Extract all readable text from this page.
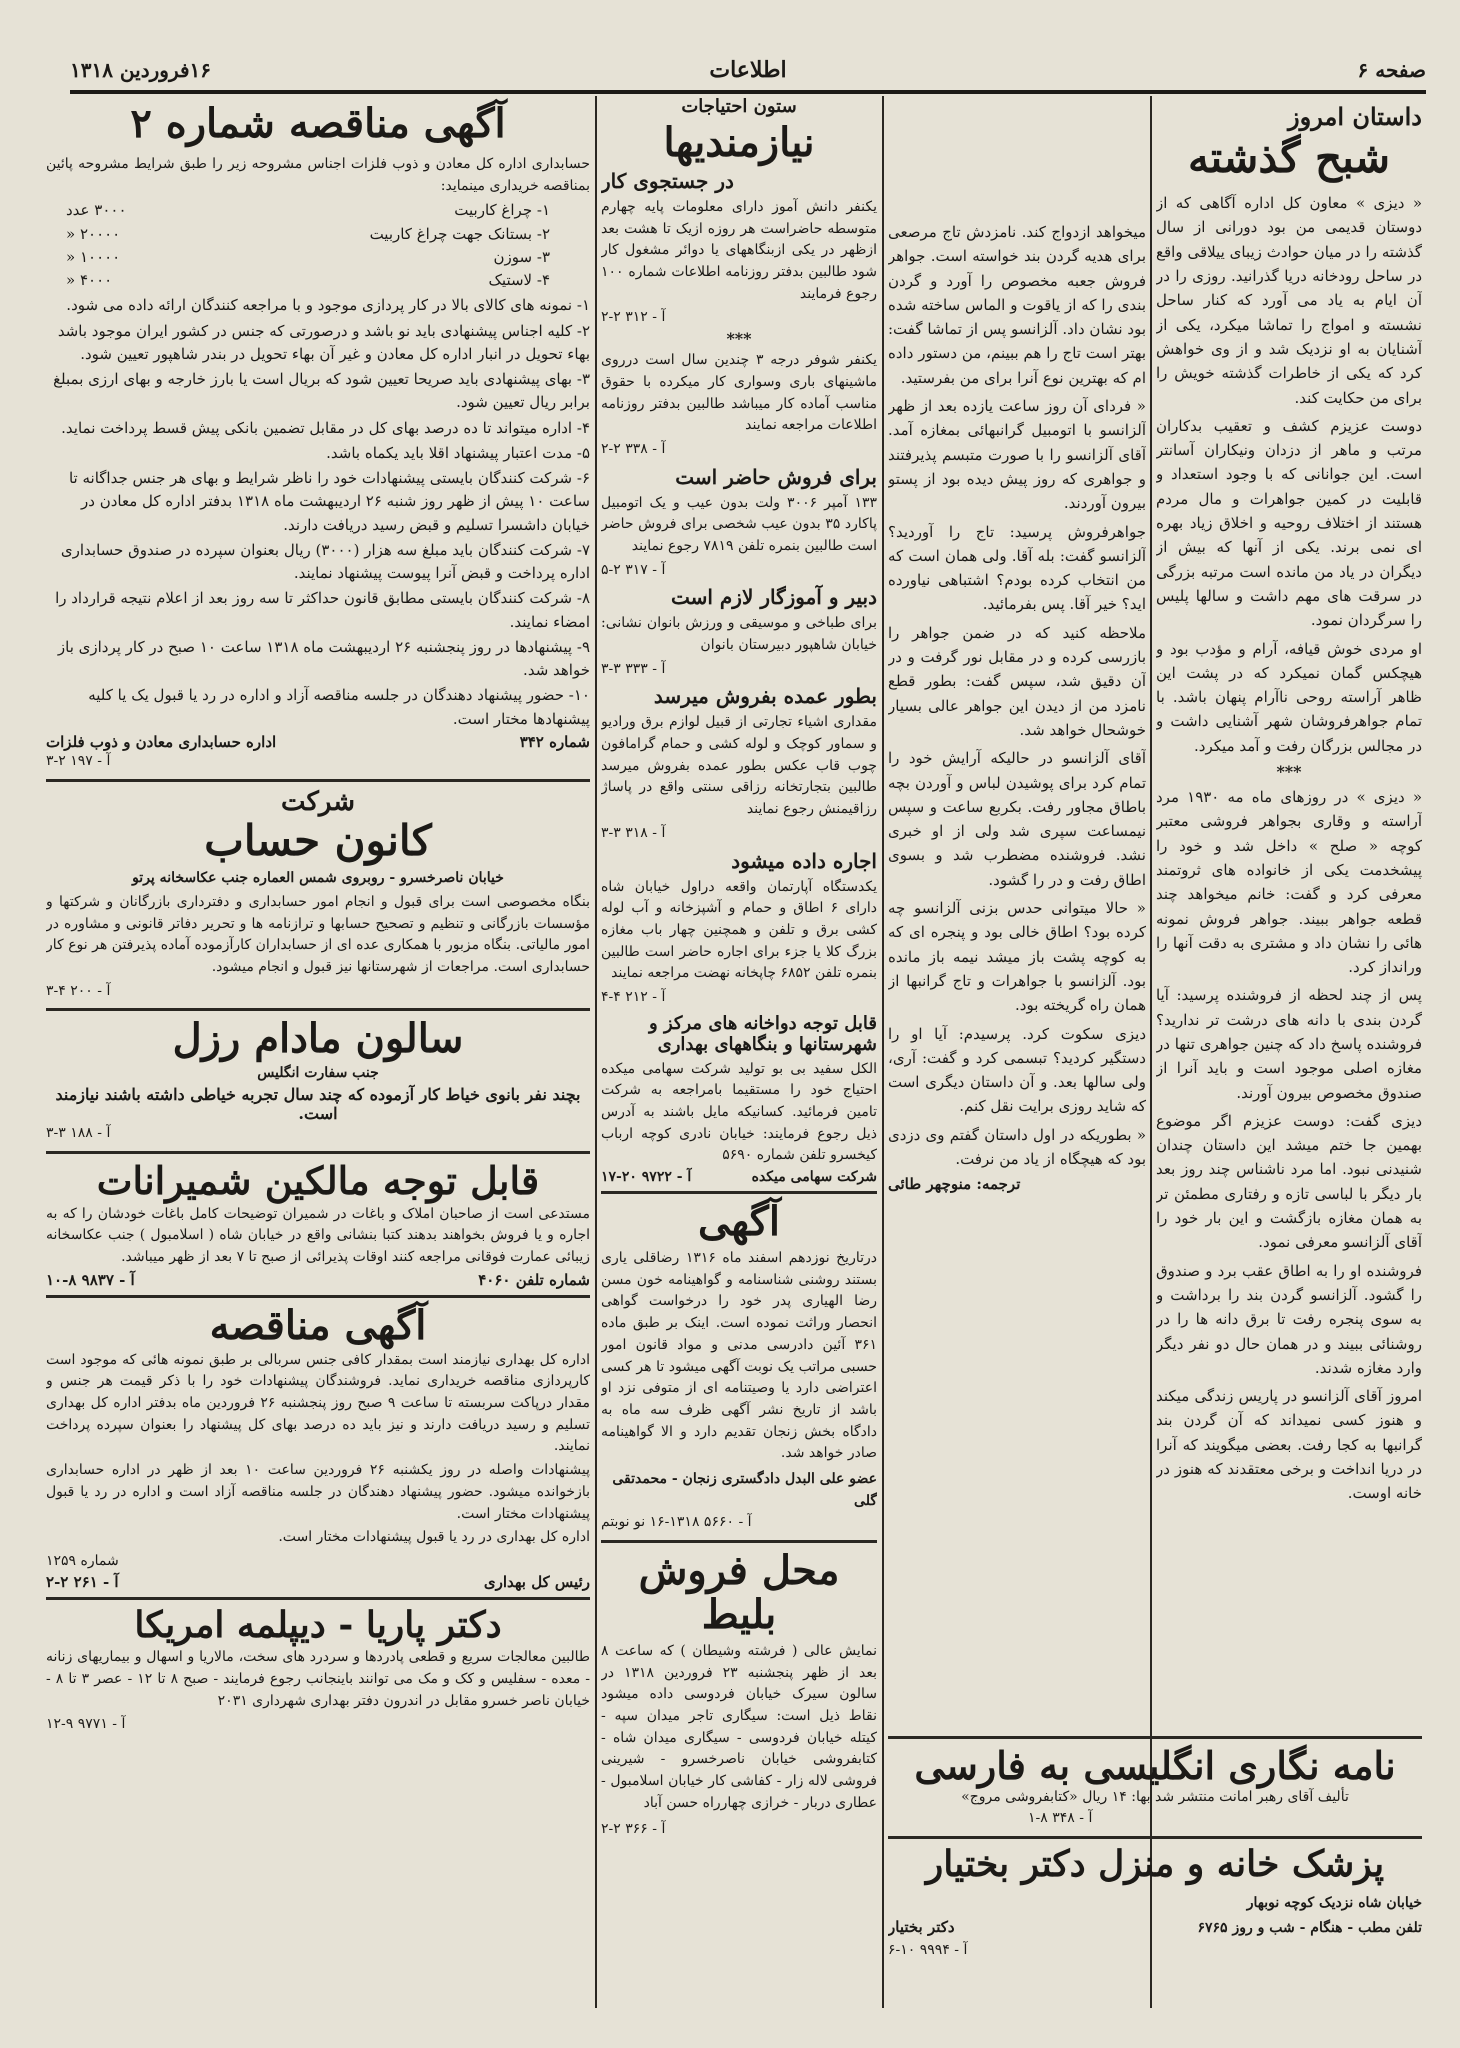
صفحه ۶
اطلاعات
۱۶فروردین ۱۳۱۸
داستان امروز
شبح گذشته

« دیزی » معاون کل اداره آگاهی که از دوستان قدیمی من بود دورانی از سال گذشته را در میان حوادث زیبای ییلاقی واقع در ساحل رودخانه دریا گذرانید. روزی را در آن ایام به یاد می آورد که کنار ساحل نشسته و امواج را تماشا میکرد، یکی از آشنایان به او نزدیک شد و از وی خواهش کرد که یکی از خاطرات گذشته خویش را برای من حکایت کند.

دوست عزیزم کشف و تعقیب بدکاران مرتب و ماهر از دزدان ونیکاران آسانتر است. این جوانانی که با وجود استعداد و قابلیت در کمین جواهرات و مال مردم هستند از اختلاف روحیه و اخلاق زیاد بهره ای نمی برند. یکی از آنها که بیش از دیگران در یاد من مانده است مرتبه بزرگی در سرقت های مهم داشت و سالها پلیس را سرگردان نمود.

او مردی خوش قیافه، آرام و مؤدب بود و هیچکس گمان نمیکرد که در پشت این ظاهر آراسته روحی ناآرام پنهان باشد. با تمام جواهرفروشان شهر آشنایی داشت و در مجالس بزرگان رفت و آمد میکرد.

***

« دیزی » در روزهای ماه مه ۱۹۳۰ مرد آراسته و وقاری بجواهر فروشی معتبر کوچه « صلح » داخل شد و خود را پیشخدمت یکی از خانواده های ثروتمند معرفی کرد و گفت: خانم میخواهد چند قطعه جواهر ببیند. جواهر فروش نمونه هائی را نشان داد و مشتری به دقت آنها را ورانداز کرد.

پس از چند لحظه از فروشنده پرسید: آیا گردن بندی با دانه های درشت تر ندارید؟ فروشنده پاسخ داد که چنین جواهری تنها در مغازه اصلی موجود است و باید آنرا از صندوق مخصوص بیرون آورند.

دیزی گفت: دوست عزیزم اگر موضوع بهمین جا ختم میشد این داستان چندان شنیدنی نبود. اما مرد ناشناس چند روز بعد بار دیگر با لباسی تازه و رفتاری مطمئن تر به همان مغازه بازگشت و این بار خود را آقای آلزانسو معرفی نمود.

فروشنده او را به اطاق عقب برد و صندوق را گشود. آلزانسو گردن بند را برداشت و به سوی پنجره رفت تا برق دانه ها را در روشنائی ببیند و در همان حال دو نفر دیگر وارد مغازه شدند.

امروز آقای آلزانسو در پاریس زندگی میکند و هنوز کسی نمیداند که آن گردن بند گرانبها به کجا رفت. بعضی میگویند که آنرا در دریا انداخت و برخی معتقدند که هنوز در خانه اوست.

میخواهد ازدواج کند. نامزدش تاج مرصعی برای هدیه گردن بند خواسته است. جواهر فروش جعبه مخصوص را آورد و گردن بندی را که از یاقوت و الماس ساخته شده بود نشان داد. آلزانسو پس از تماشا گفت: بهتر است تاج را هم ببینم، من دستور داده ام که بهترین نوع آنرا برای من بفرستید.

« فردای آن روز ساعت یازده بعد از ظهر آلزانسو با اتومبیل گرانبهائی بمغازه آمد. آقای آلزانسو را با صورت متبسم پذیرفتند و جواهری که روز پیش دیده بود از پستو بیرون آوردند.

جواهرفروش پرسید: تاج را آوردید؟ آلزانسو گفت: بله آقا. ولی همان است که من انتخاب کرده بودم؟ اشتباهی نیاورده اید؟ خیر آقا. پس بفرمائید.

ملاحظه کنید که در ضمن جواهر را بازرسی کرده و در مقابل نور گرفت و در آن دقیق شد، سپس گفت: بطور قطع نامزد من از دیدن این جواهر عالی بسیار خوشحال خواهد شد.

آقای آلزانسو در حالیکه آرایش خود را تمام کرد برای پوشیدن لباس و آوردن بچه باطاق مجاور رفت. بکربع ساعت و سپس نیمساعت سپری شد ولی از او خبری نشد. فروشنده مضطرب شد و بسوی اطاق رفت و در را گشود.

« حالا میتوانی حدس بزنی آلزانسو چه کرده بود؟ اطاق خالی بود و پنجره ای که به کوچه پشت باز میشد نیمه باز مانده بود. آلزانسو با جواهرات و تاج گرانبها از همان راه گریخته بود.

دیزی سکوت کرد. پرسیدم: آیا او را دستگیر کردید؟ تبسمی کرد و گفت: آری، ولی سالها بعد. و آن داستان دیگری است که شاید روزی برایت نقل کنم.

« بطوریکه در اول داستان گفتم وی دزدی بود که هیچگاه از یاد من نرفت.

ترجمه: منوچهر طائی
نامه نگاری انگلیسی به فارسی
تألیف آقای رهبر امانت منتشر شد بها: ۱۴ ریال «کتابفروشی مروج»
آ - ۳۴۸ ۸-۱
پزشک خانه و منزل دکتر بختیار
خیابان شاه نزدیک کوچه نوبهار
تلفن مطب - هنگام - شب و روز ۶۷۶۵
دکتر بختیار
آ - ۹۹۹۴ ۱۰-۶
ستون احتیاجات
نیازمندیها
در جستجوی کار

یکنفر دانش آموز دارای معلومات پایه چهارم متوسطه حاضراست هر روزه ازیک تا هشت بعد ازظهر در یکی ازبنگاههای یا دوائر مشغول کار شود طالبین بدفتر روزنامه اطلاعات شماره ۱۰۰ رجوع فرمایند

آ - ۳۱۲ ۲-۲
***

یکنفر شوفر درجه ۳ چندین سال است درروی ماشینهای باری وسواری کار میکرده با حقوق مناسب آماده کار میباشد طالبین بدفتر روزنامه اطلاعات مراجعه نمایند

آ - ۳۳۸ ۲-۲
برای فروش حاضر است

۱۳۳ آمپر ۳۰۰۶ ولت بدون عیب و یک اتومبیل پاکارد ۳۵ بدون عیب شخصی برای فروش حاضر است طالبین بنمره تلفن ۷۸۱۹ رجوع نمایند

آ - ۳۱۷ ۲-۵
دبیر و آموزگار لازم است

برای طباخی و موسیقی و ورزش بانوان نشانی: خیابان شاهپور دبیرستان بانوان

آ - ۳۳۳ ۳-۳
بطور عمده بفروش میرسد

مقداری اشیاء تجارتی از قبیل لوازم برق ورادیو و سماور کوچک و لوله کشی و حمام گرامافون چوب قاب عکس بطور عمده بفروش میرسد طالبین بتجارتخانه رزاقی سنتی واقع در پاساژ رزاقیمنش رجوع نمایند

آ - ۳۱۸ ۳-۳
اجاره داده میشود

یکدستگاه آپارتمان واقعه دراول خیابان شاه دارای ۶ اطاق و حمام و آشپزخانه و آب لوله کشی برق و تلفن و همچنین چهار باب مغازه بزرگ کلا یا جزء برای اجاره حاضر است طالبین بنمره تلفن ۶۸۵۲ چاپخانه نهضت مراجعه نمایند

آ - ۲۱۲ ۴-۴
قابل توجه دواخانه های مرکز و شهرستانها و بنگاههای بهداری

الکل سفید بی بو تولید شرکت سهامی میکده احتیاج خود را مستقیما بامراجعه به شرکت تامین فرمائید. کسانیکه مایل باشند به آدرس ذیل رجوع فرمایند: خیابان نادری کوچه ارباب کیخسرو تلفن شماره ۵۶۹۰

شرکت سهامی میکده
آ - ۹۷۲۲ ۲۰-۱۷
آگهی

درتاریخ نوزدهم اسفند ماه ۱۳۱۶ رضاقلی یاری بستند روشنی شناسنامه و گواهینامه خون مسن رضا الهیاری پدر خود را درخواست گواهی انحصار وراثت نموده است. اینک بر طبق ماده ۳۶۱ آئین دادرسی مدنی و مواد قانون امور حسبی مراتب یک نوبت آگهی میشود تا هر کسی اعتراضی دارد یا وصیتنامه ای از متوفی نزد او باشد از تاریخ نشر آگهی ظرف سه ماه به دادگاه بخش زنجان تقدیم دارد و الا گواهینامه صادر خواهد شد.

عضو علی البدل دادگستری زنجان - محمدتقی گلی
آ - ۵۶۶۰ ۱۳۱۸-۱۶ نو نوبتم
محل فروش بلیط

نمایش عالی ( فرشته وشیطان ) که ساعت ۸ بعد از ظهر پنجشنبه ۲۳ فروردین ۱۳۱۸ در سالون سیرک خیابان فردوسی داده میشود نقاط ذیل است: سیگاری تاجر میدان سپه - کیتله خیابان فردوسی - سیگاری میدان شاه - کتابفروشی خیابان ناصرخسرو - شیرینی فروشی لاله زار - کفاشی کار خیابان اسلامبول - عطاری دربار - خرازی چهارراه حسن آباد

آ - ۳۶۶ ۲-۲
آگهی مناقصه شماره ۲

حسابداری اداره کل معادن و ذوب فلزات اجناس مشروحه زیر را طبق شرایط مشروحه پائین بمناقصه خریداری مینماید:

۱- چراغ کاربیت
۳۰۰۰ عدد
۲- بستانک جهت چراغ کاربیت
۲۰۰۰۰ «
۳- سوزن
۱۰۰۰۰ «
۴- لاستیک
۴۰۰۰ «
۱- نمونه های کالای بالا در کار پردازی موجود و با مراجعه کنندگان ارائه داده می شود.
۲- کلیه اجناس پیشنهادی باید نو باشد و درصورتی که جنس در کشور ایران موجود باشد بهاء تحویل در انبار اداره کل معادن و غیر آن بهاء تحویل در بندر شاهپور تعیین شود.
۳- بهای پیشنهادی باید صریحا تعیین شود که بریال است یا بارز خارجه و بهای ارزی بمبلغ برابر ریال تعیین شود.
۴- اداره میتواند تا ده درصد بهای کل در مقابل تضمین بانکی پیش قسط پرداخت نماید.
۵- مدت اعتبار پیشنهاد اقلا باید یکماه باشد.
۶- شرکت کنندگان بایستی پیشنهادات خود را ناظر شرایط و بهای هر جنس جداگانه تا ساعت ۱۰ پیش از ظهر روز شنبه ۲۶ اردیبهشت ماه ۱۳۱۸ بدفتر اداره کل معادن در خیابان داشسرا تسلیم و قبض رسید دریافت دارند.
۷- شرکت کنندگان باید مبلغ سه هزار (۳۰۰۰) ریال بعنوان سپرده در صندوق حسابداری اداره پرداخت و قبض آنرا پیوست پیشنهاد نمایند.
۸- شرکت کنندگان بایستی مطابق قانون حداکثر تا سه روز بعد از اعلام نتیجه قرارداد را امضاء نمایند.
۹- پیشنهادها در روز پنجشنبه ۲۶ اردیبهشت ماه ۱۳۱۸ ساعت ۱۰ صبح در کار پردازی باز خواهد شد.
۱۰- حضور پیشنهاد دهندگان در جلسه مناقصه آزاد و اداره در رد یا قبول یک یا کلیه پیشنهادها مختار است.
شماره ۳۴۲
اداره حسابداری معادن و ذوب فلزات
آ - ۱۹۷ ۲-۳
شرکت
کانون حساب
خیابان ناصرخسرو - روبروی شمس العماره جنب عکاسخانه پرتو

بنگاه مخصوصی است برای قبول و انجام امور حسابداری و دفترداری بازرگانان و شرکتها و مؤسسات بازرگانی و تنظیم و تصحیح حسابها و ترازنامه ها و تحریر دفاتر قانونی و مشاوره در امور مالیاتی. بنگاه مزبور با همکاری عده ای از حسابداران کارآزموده آماده پذیرفتن هر نوع کار حسابداری است. مراجعات از شهرستانها نیز قبول و انجام میشود.

آ - ۲۰۰ ۴-۳
سالون مادام رزل
جنب سفارت انگلیس
بچند نفر بانوی خیاط کار آزموده که چند سال تجربه خیاطی داشته باشند نیازمند است.
آ - ۱۸۸ ۳-۳
قابل توجه مالکین شمیرانات

مستدعی است از صاحبان املاک و باغات در شمیران توضیحات کامل باغات خودشان را که به اجاره و یا فروش بخواهند بدهند کتبا بنشانی واقع در خیابان شاه ( اسلامبول ) جنب عکاسخانه زیبائی عمارت فوقانی مراجعه کنند اوقات پذیرائی از صبح تا ۷ بعد از ظهر میباشد.

شماره تلفن ۴۰۶۰
آ - ۹۸۳۷ ۸-۱۰
آگهی مناقصه

اداره کل بهداری نیازمند است بمقدار کافی جنس سربالی بر طبق نمونه هائی که موجود است کارپردازی مناقصه خریداری نماید. فروشندگان پیشنهادات خود را با ذکر قیمت هر جنس و مقدار درپاکت سربسته تا ساعت ۹ صبح روز پنجشنبه ۲۶ فروردین ماه بدفتر اداره کل بهداری تسلیم و رسید دریافت دارند و نیز باید ده درصد بهای کل پیشنهاد را بعنوان سپرده پرداخت نمایند.

پیشنهادات واصله در روز یکشنبه ۲۶ فروردین ساعت ۱۰ بعد از ظهر در اداره حسابداری بازخوانده میشود. حضور پیشنهاد دهندگان در جلسه مناقصه آزاد است و اداره در رد یا قبول پیشنهادات مختار است.

اداره کل بهداری در رد یا قبول پیشنهادات مختار است.

شماره ۱۲۵۹
رئیس کل بهداری
آ - ۲۶۱ ۲-۲
دکتر پاریا - دیپلمه امریکا

طالبین معالجات سریع و قطعی پادردها و سردرد های سخت، مالاریا و اسهال و بیماریهای زنانه - معده - سفلیس و کک و مک می توانند باینجانب رجوع فرمایند - صبح ۸ تا ۱۲ - عصر ۳ تا ۸ - خیابان ناصر خسرو مقابل در اندرون دفتر بهداری شهرداری ۲۰۳۱

آ - ۹۷۷۱ ۹-۱۲
